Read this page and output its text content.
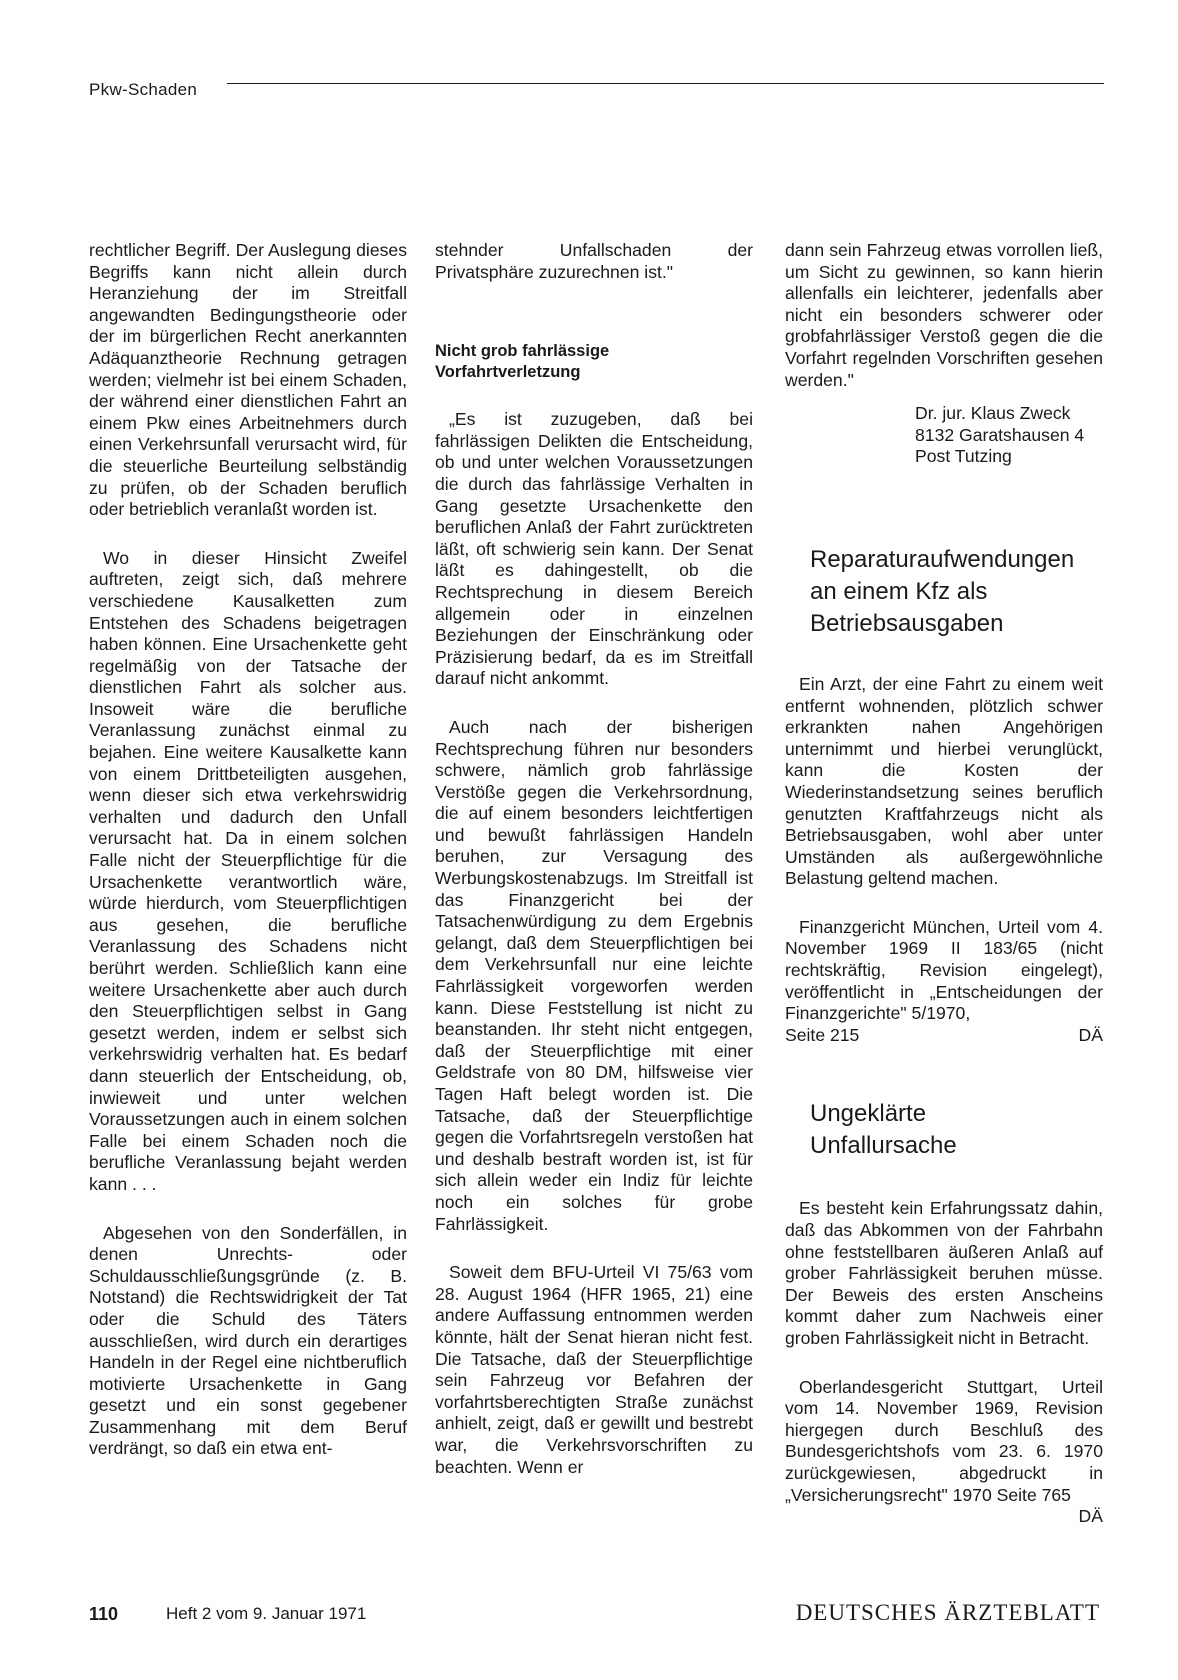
Pkw-Schaden

rechtlicher Begriff. Der Auslegung dieses Begriffs kann nicht allein durch Heranziehung der im Streitfall angewandten Bedingungstheorie oder der im bürgerlichen Recht anerkannten Adäquanztheorie Rechnung getragen werden; vielmehr ist bei einem Schaden, der während einer dienstlichen Fahrt an einem Pkw eines Arbeitnehmers durch einen Verkehrsunfall verursacht wird, für die steuerliche Beurteilung selbständig zu prüfen, ob der Schaden beruflich oder betrieblich veranlaßt worden ist.

Wo in dieser Hinsicht Zweifel auftreten, zeigt sich, daß mehrere verschiedene Kausalketten zum Entstehen des Schadens beigetragen haben können. Eine Ursachenkette geht regelmäßig von der Tatsache der dienstlichen Fahrt als solcher aus. Insoweit wäre die berufliche Veranlassung zunächst einmal zu bejahen. Eine weitere Kausalkette kann von einem Drittbeteiligten ausgehen, wenn dieser sich etwa verkehrswidrig verhalten und dadurch den Unfall verursacht hat. Da in einem solchen Falle nicht der Steuerpflichtige für die Ursachenkette verantwortlich wäre, würde hierdurch, vom Steuerpflichtigen aus gesehen, die berufliche Veranlassung des Schadens nicht berührt werden. Schließlich kann eine weitere Ursachenkette aber auch durch den Steuerpflichtigen selbst in Gang gesetzt werden, indem er selbst sich verkehrswidrig verhalten hat. Es bedarf dann steuerlich der Entscheidung, ob, inwieweit und unter welchen Voraussetzungen auch in einem solchen Falle bei einem Schaden noch die berufliche Veranlassung bejaht werden kann . . .

Abgesehen von den Sonderfällen, in denen Unrechts- oder Schuldausschließungsgründe (z. B. Notstand) die Rechtswidrigkeit der Tat oder die Schuld des Täters ausschließen, wird durch ein derartiges Handeln in der Regel eine nichtberuflich motivierte Ursachenkette in Gang gesetzt und ein sonst gegebener Zusammenhang mit dem Beruf verdrängt, so daß ein etwa ent-

stehnder Unfallschaden der Privatsphäre zuzurechnen ist."

Nicht grob fahrlässige
Vorfahrtverletzung

„Es ist zuzugeben, daß bei fahrlässigen Delikten die Entscheidung, ob und unter welchen Voraussetzungen die durch das fahrlässige Verhalten in Gang gesetzte Ursachenkette den beruflichen Anlaß der Fahrt zurücktreten läßt, oft schwierig sein kann. Der Senat läßt es dahingestellt, ob die Rechtsprechung in diesem Bereich allgemein oder in einzelnen Beziehungen der Einschränkung oder Präzisierung bedarf, da es im Streitfall darauf nicht ankommt.

Auch nach der bisherigen Rechtsprechung führen nur besonders schwere, nämlich grob fahrlässige Verstöße gegen die Verkehrsordnung, die auf einem besonders leichtfertigen und bewußt fahrlässigen Handeln beruhen, zur Versagung des Werbungskostenabzugs. Im Streitfall ist das Finanzgericht bei der Tatsachenwürdigung zu dem Ergebnis gelangt, daß dem Steuerpflichtigen bei dem Verkehrsunfall nur eine leichte Fahrlässigkeit vorgeworfen werden kann. Diese Feststellung ist nicht zu beanstanden. Ihr steht nicht entgegen, daß der Steuerpflichtige mit einer Geldstrafe von 80 DM, hilfsweise vier Tagen Haft belegt worden ist. Die Tatsache, daß der Steuerpflichtige gegen die Vorfahrtsregeln verstoßen hat und deshalb bestraft worden ist, ist für sich allein weder ein Indiz für leichte noch ein solches für grobe Fahrlässigkeit.

Soweit dem BFU-Urteil VI 75/63 vom 28. August 1964 (HFR 1965, 21) eine andere Auffassung entnommen werden könnte, hält der Senat hieran nicht fest. Die Tatsache, daß der Steuerpflichtige sein Fahrzeug vor Befahren der vorfahrtsberechtigten Straße zunächst anhielt, zeigt, daß er gewillt und bestrebt war, die Verkehrsvorschriften zu beachten. Wenn er

dann sein Fahrzeug etwas vorrollen ließ, um Sicht zu gewinnen, so kann hierin allenfalls ein leichterer, jedenfalls aber nicht ein besonders schwerer oder grobfahrlässiger Verstoß gegen die die Vorfahrt regelnden Vorschriften gesehen werden."

Dr. jur. Klaus Zweck
8132 Garatshausen 4
Post Tutzing
Reparaturaufwendungen
an einem Kfz als
Betriebsausgaben

Ein Arzt, der eine Fahrt zu einem weit entfernt wohnenden, plötzlich schwer erkrankten nahen Angehörigen unternimmt und hierbei verunglückt, kann die Kosten der Wiederinstandsetzung seines beruflich genutzten Kraftfahrzeugs nicht als Betriebsausgaben, wohl aber unter Umständen als außergewöhnliche Belastung geltend machen.

Finanzgericht München, Urteil vom 4. November 1969 II 183/65 (nicht rechtskräftig, Revision eingelegt), veröffentlicht in „Entscheidungen der Finanzgerichte" 5/1970,

Seite 215	DÄ
Ungeklärte
Unfallursache

Es besteht kein Erfahrungssatz dahin, daß das Abkommen von der Fahrbahn ohne feststellbaren äußeren Anlaß auf grober Fahrlässigkeit beruhen müsse. Der Beweis des ersten Anscheins kommt daher zum Nachweis einer groben Fahrlässigkeit nicht in Betracht.

Oberlandesgericht Stuttgart, Urteil vom 14. November 1969, Revision hiergegen durch Beschluß des Bundesgerichtshofs vom 23. 6. 1970 zurückgewiesen, abgedruckt in „Versicherungsrecht" 1970 Seite 765

DÄ
110	Heft 2 vom 9. Januar 1971	DEUTSCHES ÄRZTEBLATT
